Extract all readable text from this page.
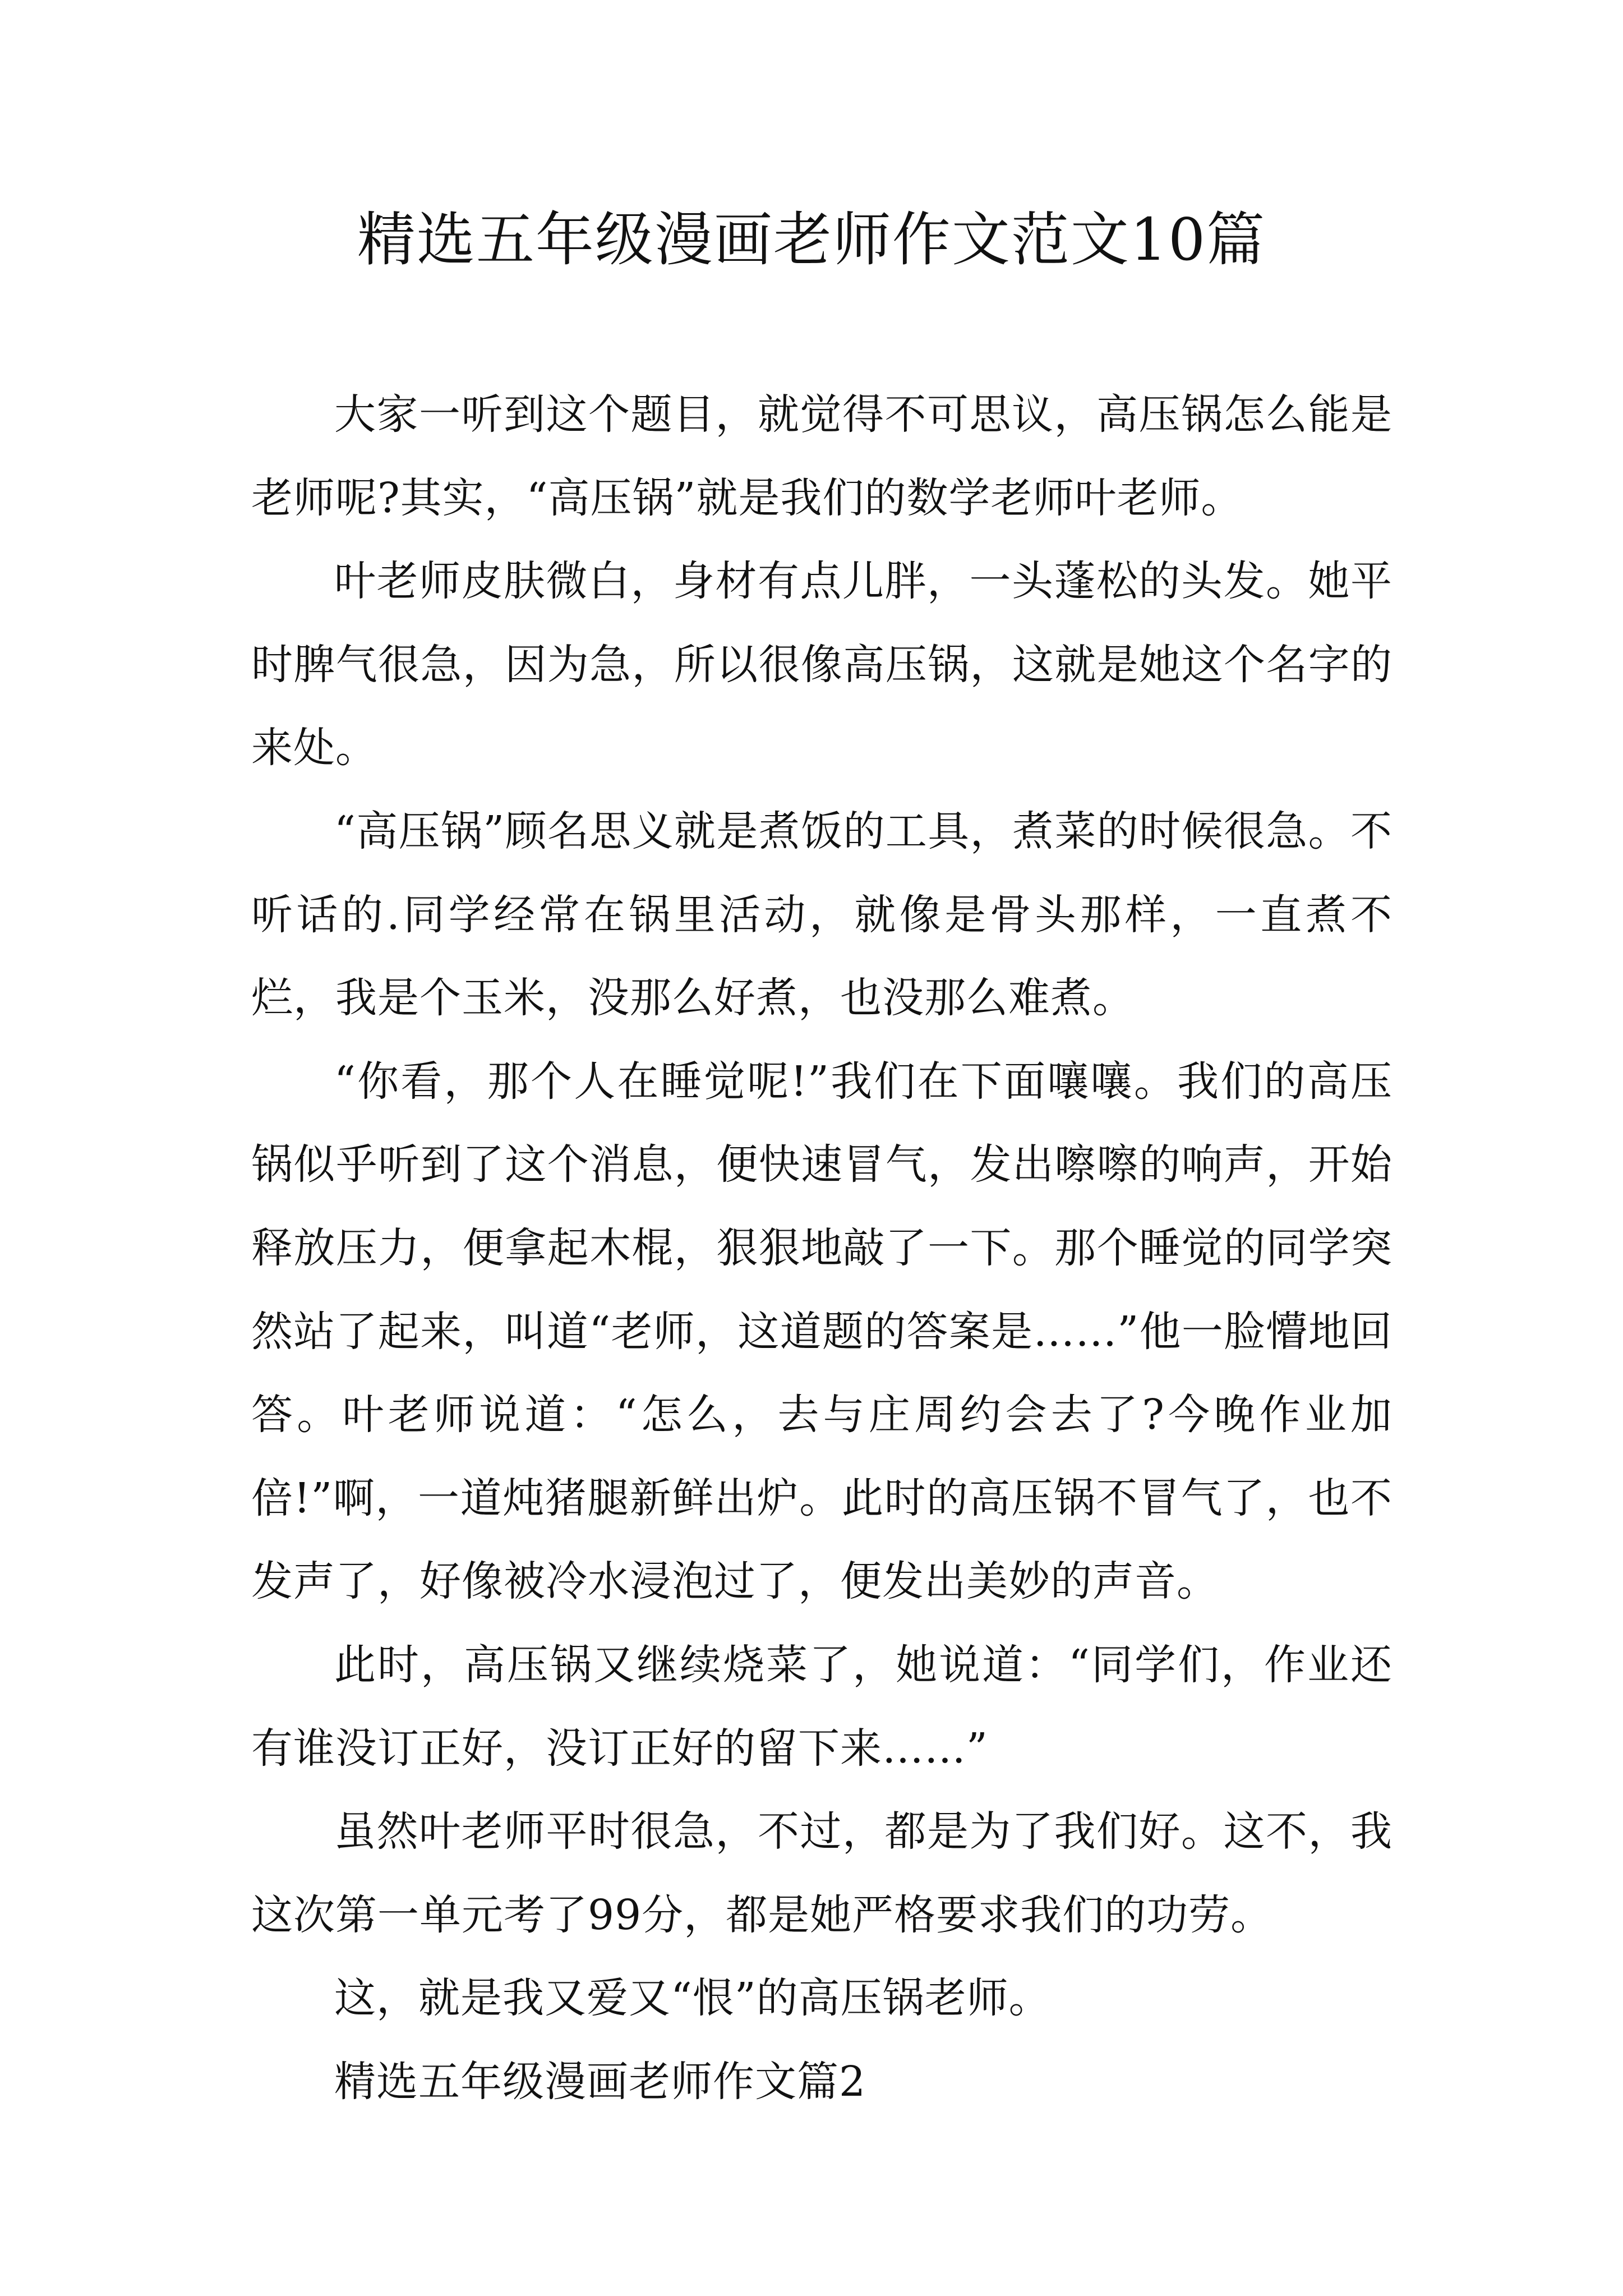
精选五年级漫画老师作文范文10篇

大家一听到这个题目，就觉得不可思议，高压锅怎么能是老师呢?其实，“高压锅”就是我们的数学老师叶老师。

叶老师皮肤微白，身材有点儿胖，一头蓬松的头发。她平时脾气很急，因为急，所以很像高压锅，这就是她这个名字的来处。

“高压锅”顾名思义就是煮饭的工具，煮菜的时候很急。不听话的.同学经常在锅里活动，就像是骨头那样，一直煮不烂，我是个玉米，没那么好煮，也没那么难煮。

“你看，那个人在睡觉呢!”我们在下面嚷嚷。我们的高压锅似乎听到了这个消息，便快速冒气，发出嚓嚓的响声，开始释放压力，便拿起木棍，狠狠地敲了一下。那个睡觉的同学突然站了起来，叫道“老师，这道题的答案是……”他一脸懵地回答。叶老师说道：“怎么，去与庄周约会去了?今晚作业加倍!”啊，一道炖猪腿新鲜出炉。此时的高压锅不冒气了，也不发声了，好像被冷水浸泡过了，便发出美妙的声音。

此时，高压锅又继续烧菜了，她说道：“同学们，作业还有谁没订正好，没订正好的留下来……”

虽然叶老师平时很急，不过，都是为了我们好。这不，我这次第一单元考了99分，都是她严格要求我们的功劳。

这，就是我又爱又“恨”的高压锅老师。

精选五年级漫画老师作文篇2
